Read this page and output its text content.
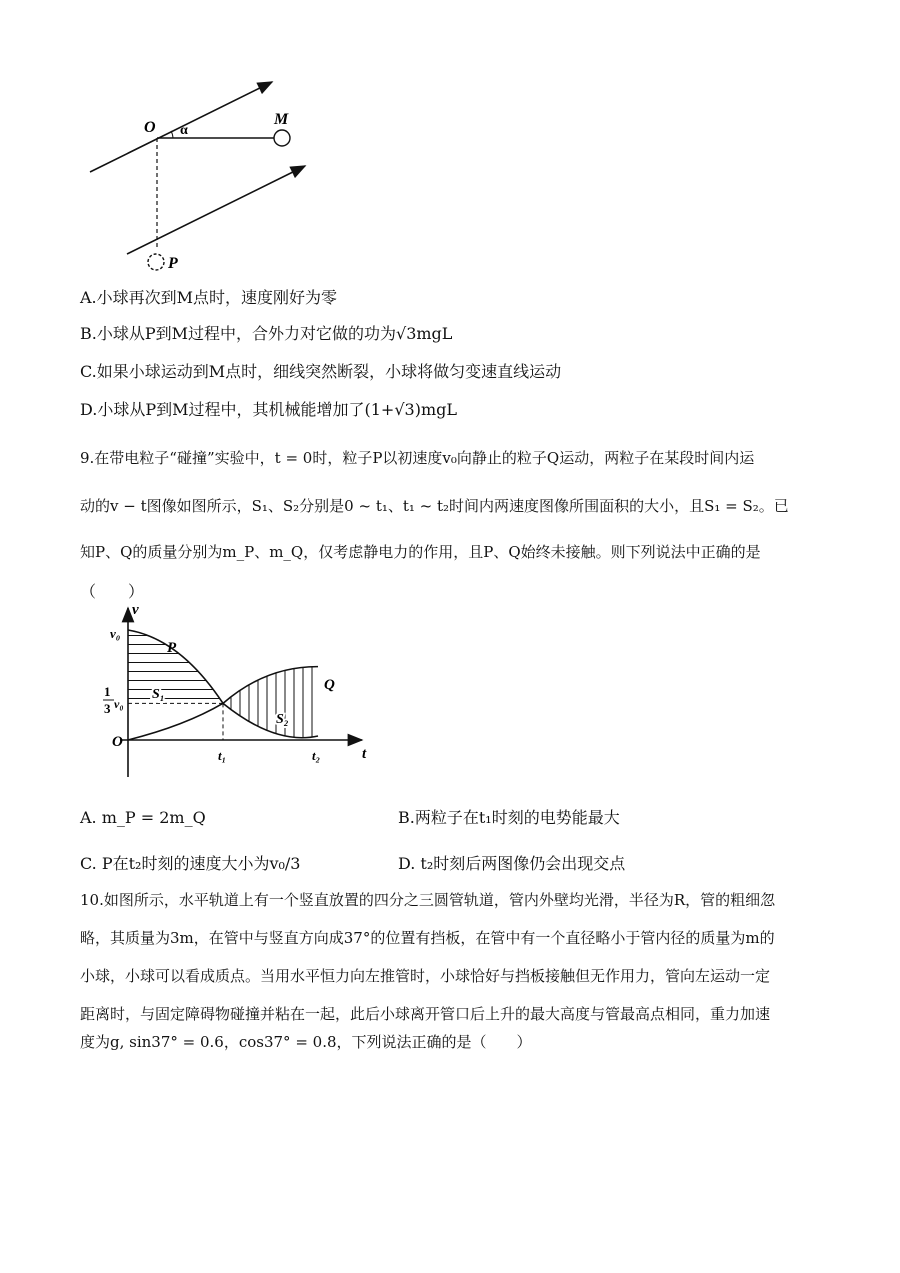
O α
M
P
A.小球再次到M点时，速度刚好为零
B.小球从P到M过程中，合外力对它做的功为√3mgL
C.如果小球运动到M点时，细线突然断裂，小球将做匀变速直线运动
D.小球从P到M过程中，其机械能增加了(1+√3)mgL
9.在带电粒子“碰撞”实验中，t = 0时，粒子P以初速度v₀向静止的粒子Q运动，两粒子在某段时间内运
动的v − t图像如图所示，S₁、S₂分别是0 ~ t₁、t₁ ~ t₂时间内两速度图像所围面积的大小，且S₁ = S₂。已
知P、Q的质量分别为m_P、m_Q，仅考虑静电力的作用，且P、Q始终未接触。则下列说法中正确的是
（　　）
v
t
O
v₀
1
3 v₀
t₁	t₂
P
Q
S₁
S₂
A. m_P = 2m_Q	B.两粒子在t₁时刻的电势能最大
C. P在t₂时刻的速度大小为v₀/3	D. t₂时刻后两图像仍会出现交点
10.如图所示，水平轨道上有一个竖直放置的四分之三圆管轨道，管内外壁均光滑，半径为R，管的粗细忽
略，其质量为3m，在管中与竖直方向成37°的位置有挡板，在管中有一个直径略小于管内径的质量为m的
小球，小球可以看成质点。当用水平恒力向左推管时，小球恰好与挡板接触但无作用力，管向左运动一定
距离时，与固定障碍物碰撞并粘在一起，此后小球离开管口后上升的最大高度与管最高点相同，重力加速
度为g, sin37° = 0.6，cos37° = 0.8，下列说法正确的是（　　）
